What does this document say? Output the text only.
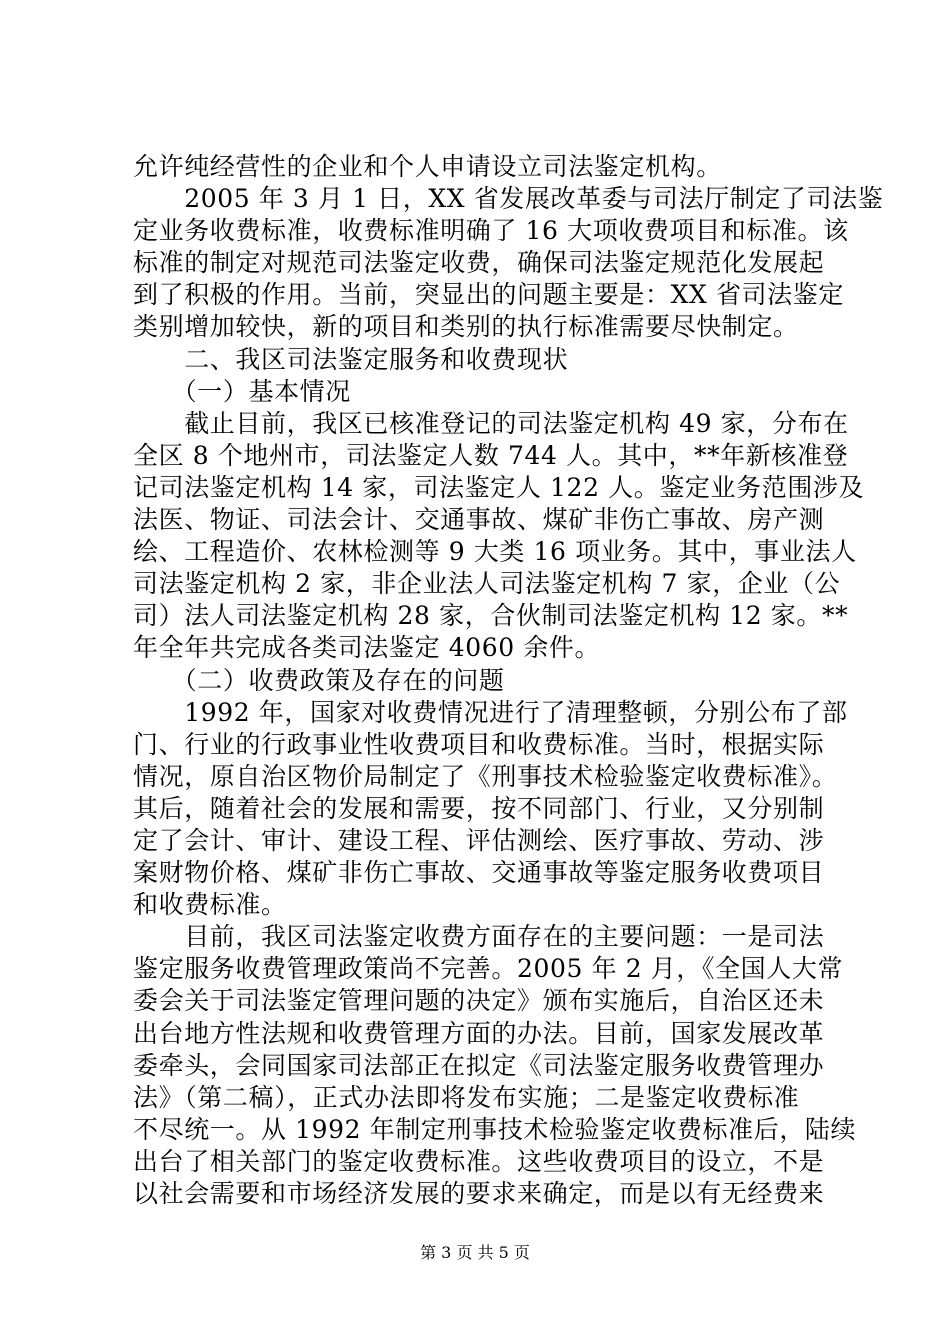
允许纯经营性的企业和个人申请设立司法鉴定机构。
　　2005 年 3 月 1 日，XX 省发展改革委与司法厅制定了司法鉴
定业务收费标准，收费标准明确了 16 大项收费项目和标准。该
标准的制定对规范司法鉴定收费，确保司法鉴定规范化发展起
到了积极的作用。当前，突显出的问题主要是：XX 省司法鉴定
类别增加较快，新的项目和类别的执行标准需要尽快制定。
　　二、我区司法鉴定服务和收费现状
　　（一）基本情况
　　截止目前，我区已核准登记的司法鉴定机构 49 家，分布在
全区 8 个地州市，司法鉴定人数 744 人。其中，**年新核准登
记司法鉴定机构 14 家，司法鉴定人 122 人。鉴定业务范围涉及
法医、物证、司法会计、交通事故、煤矿非伤亡事故、房产测
绘、工程造价、农林检测等 9 大类 16 项业务。其中，事业法人
司法鉴定机构 2 家，非企业法人司法鉴定机构 7 家，企业（公
司）法人司法鉴定机构 28 家，合伙制司法鉴定机构 12 家。**
年全年共完成各类司法鉴定 4060 余件。
　　（二）收费政策及存在的问题
　　1992 年，国家对收费情况进行了清理整顿，分别公布了部
门、行业的行政事业性收费项目和收费标准。当时，根据实际
情况，原自治区物价局制定了《刑事技术检验鉴定收费标准》。
其后，随着社会的发展和需要，按不同部门、行业，又分别制
定了会计、审计、建设工程、评估测绘、医疗事故、劳动、涉
案财物价格、煤矿非伤亡事故、交通事故等鉴定服务收费项目
和收费标准。
　　目前，我区司法鉴定收费方面存在的主要问题：一是司法
鉴定服务收费管理政策尚不完善。2005 年 2 月，《全国人大常
委会关于司法鉴定管理问题的决定》颁布实施后，自治区还未
出台地方性法规和收费管理方面的办法。目前，国家发展改革
委牵头，会同国家司法部正在拟定《司法鉴定服务收费管理办
法》（第二稿），正式办法即将发布实施；二是鉴定收费标准
不尽统一。从 1992 年制定刑事技术检验鉴定收费标准后，陆续
出台了相关部门的鉴定收费标准。这些收费项目的设立，不是
以社会需要和市场经济发展的要求来确定，而是以有无经费来
第 3 页 共 5 页
